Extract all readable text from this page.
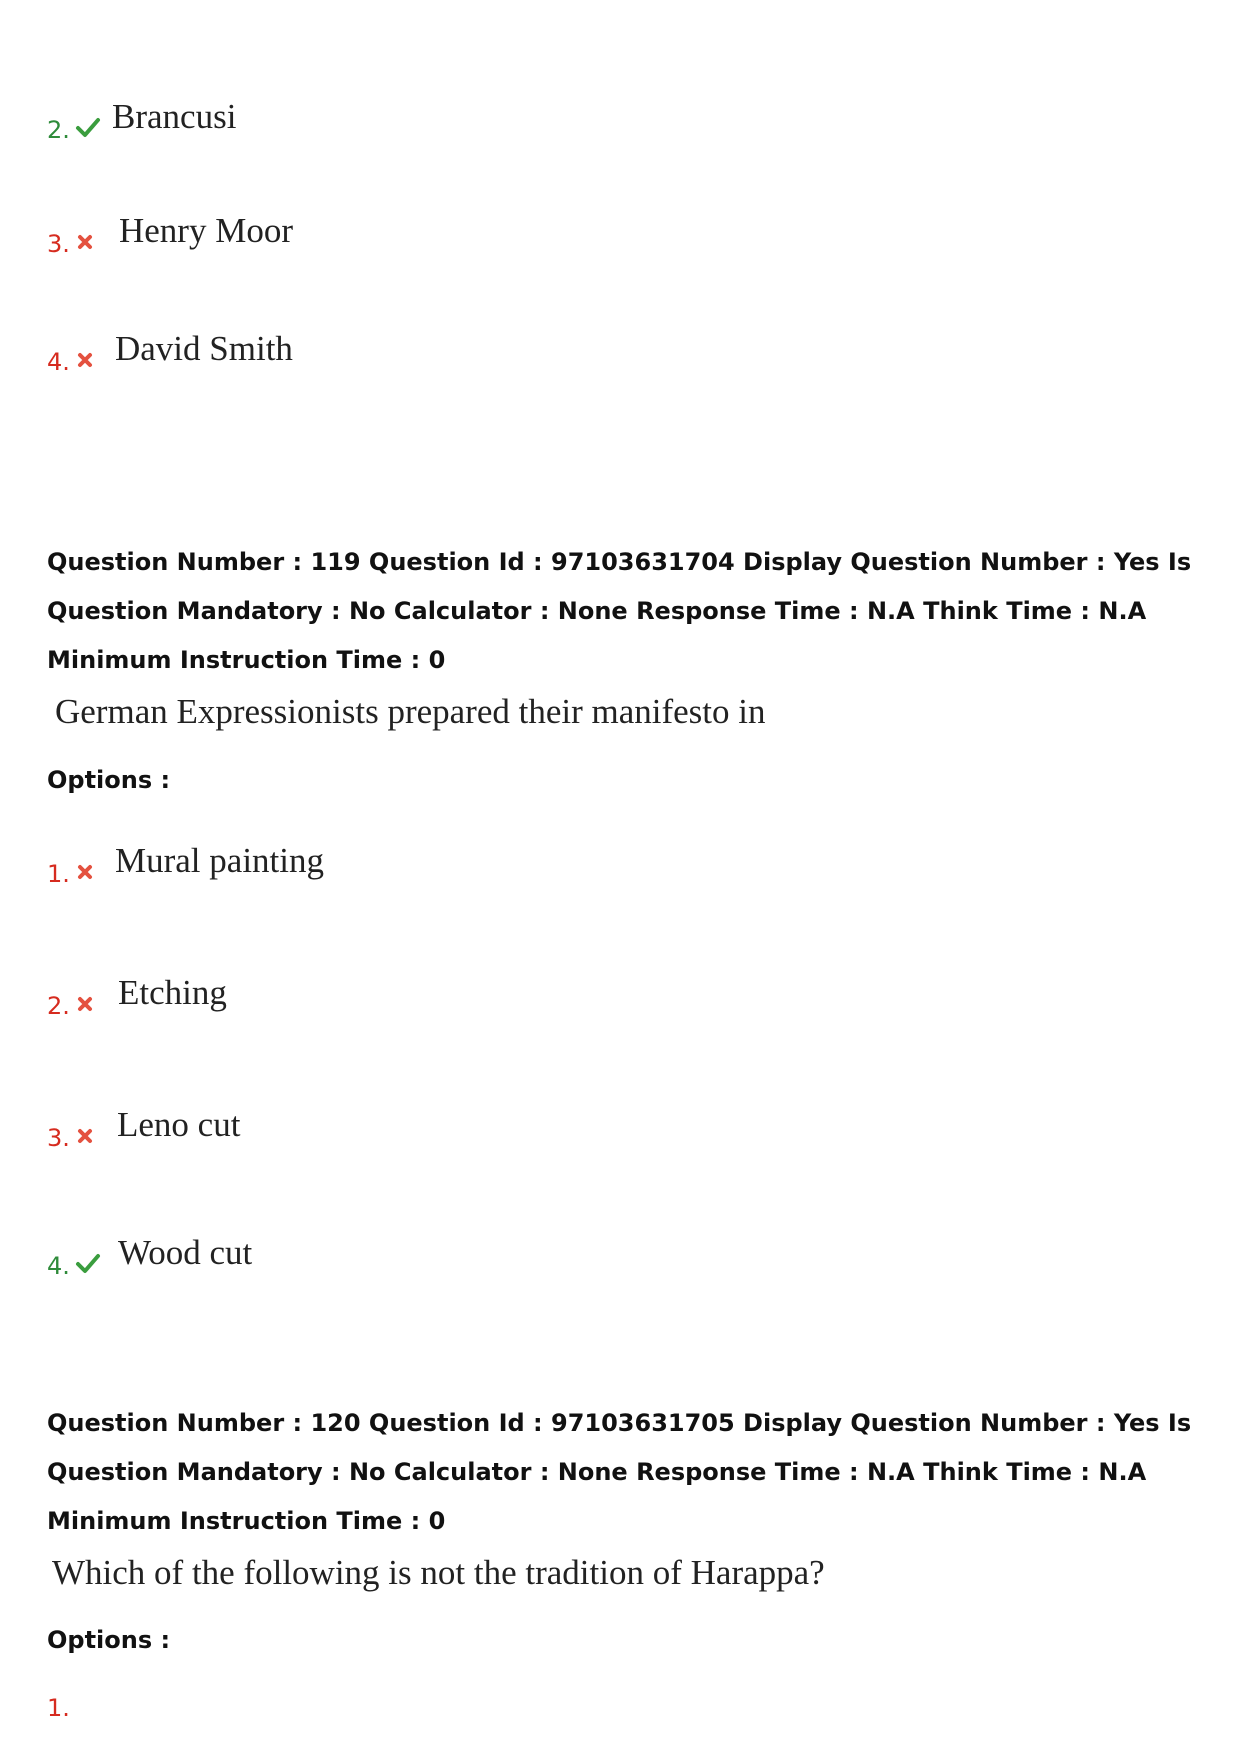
2. Brancusi
3. Henry Moor
4. David Smith

Question Number : 119 Question Id : 97103631704 Display Question Number : Yes Is Question Mandatory : No Calculator : None Response Time : N.A Think Time : N.A Minimum Instruction Time : 0

German Expressionists prepared their manifesto in
Options :
1. Mural painting
2. Etching
3. Leno cut
4. Wood cut

Question Number : 120 Question Id : 97103631705 Display Question Number : Yes Is Question Mandatory : No Calculator : None Response Time : N.A Think Time : N.A Minimum Instruction Time : 0

Which of the following is not the tradition of Harappa?
Options :
1.
